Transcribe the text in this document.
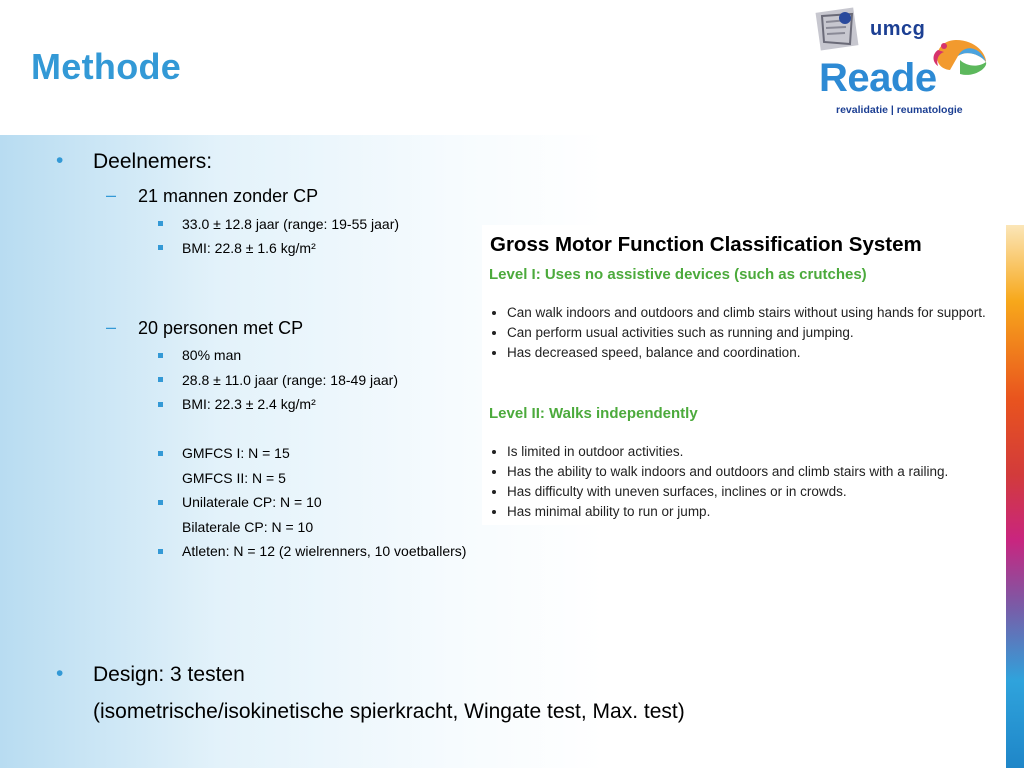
Methode
umcg
Reade
revalidatie | reumatologie
• Deelnemers:
– 21 mannen zonder CP
33.0 ± 12.8 jaar (range: 19-55 jaar)
BMI: 22.8 ± 1.6 kg/m²
– 20 personen met CP
80% man
28.8 ± 11.0 jaar (range: 18-49 jaar)
BMI: 22.3 ± 2.4 kg/m²
GMFCS I: N = 15
GMFCS II: N = 5
Unilaterale CP: N = 10
Bilaterale CP: N = 10
Atleten: N = 12 (2 wielrenners, 10 voetballers)
• Design: 3 testen
(isometrische/isokinetische spierkracht, Wingate test, Max. test)
Gross Motor Function Classification System
Level I: Uses no assistive devices (such as crutches)
Can walk indoors and outdoors and climb stairs without using hands for support.
Can perform usual activities such as running and jumping.
Has decreased speed, balance and coordination.
Level II: Walks independently
Is limited in outdoor activities.
Has the ability to walk indoors and outdoors and climb stairs with a railing.
Has difficulty with uneven surfaces, inclines or in crowds.
Has minimal ability to run or jump.
